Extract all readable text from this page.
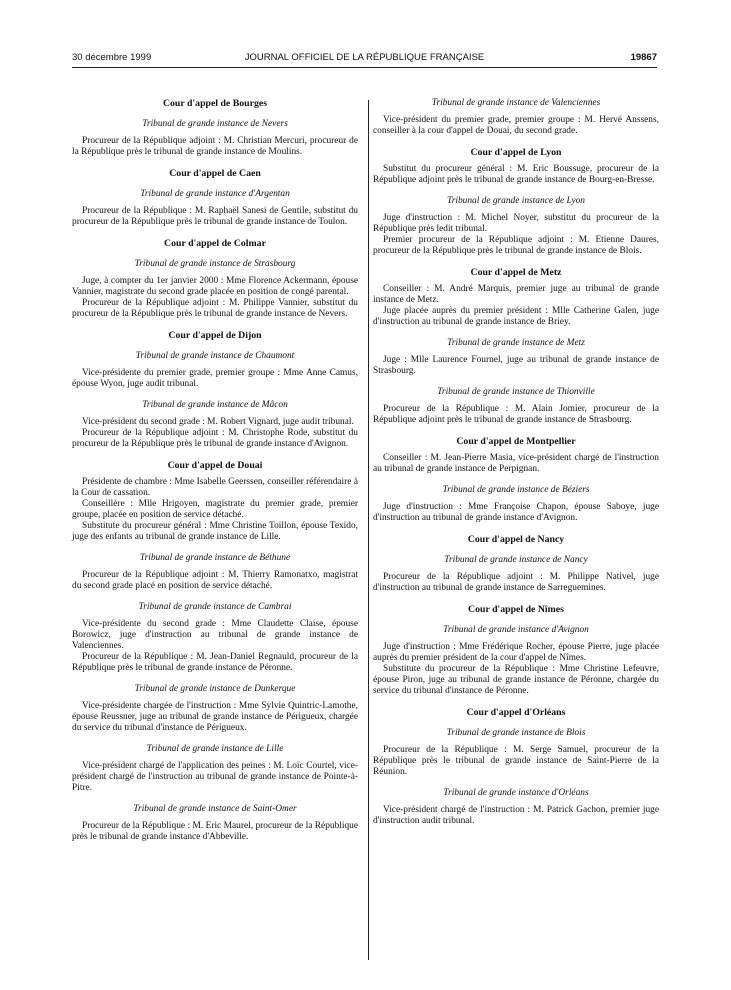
30 décembre 1999	JOURNAL OFFICIEL DE LA RÉPUBLIQUE FRANÇAISE	19867
Cour d'appel de Bourges
Tribunal de grande instance de Nevers

Procureur de la République adjoint : M. Christian Mercuri, procureur de la République près le tribunal de grande instance de Moulins.

Cour d'appel de Caen
Tribunal de grande instance d'Argentan

Procureur de la République : M. Raphaël Sanesi de Gentile, substitut du procureur de la République près le tribunal de grande instance de Toulon.

Cour d'appel de Colmar
Tribunal de grande instance de Strasbourg

Juge, à compter du 1er janvier 2000 : Mme Florence Ackermann, épouse Vannier, magistrate du second grade placée en position de congé parental.

Procureur de la République adjoint : M. Philippe Vannier, substitut du procureur de la République près le tribunal de grande instance de Nevers.

Cour d'appel de Dijon
Tribunal de grande instance de Chaumont

Vice-présidente du premier grade, premier groupe : Mme Anne Camus, épouse Wyon, juge audit tribunal.

Tribunal de grande instance de Mâcon

Vice-président du second grade : M. Robert Vignard, juge audit tribunal.

Procureur de la République adjoint : M. Christophe Rode, substitut du procureur de la République près le tribunal de grande instance d'Avignon.

Cour d'appel de Douai

Présidente de chambre : Mme Isabelle Geerssen, conseiller référendaire à la Cour de cassation.

Conseillère : Mlle Hrigoyen, magistrate du premier grade, premier groupe, placée en position de service détaché.

Substitute du procureur général : Mme Christine Toillon, épouse Texido, juge des enfants au tribunal de grande instance de Lille.

Tribunal de grande instance de Béthune

Procureur de la République adjoint : M. Thierry Ramonatxo, magistrat du second grade placé en position de service détaché.

Tribunal de grande instance de Cambrai

Vice-présidente du second grade : Mme Claudette Claise, épouse Borowicz, juge d'instruction au tribunal de grande instance de Valenciennes.

Procureur de la République : M. Jean-Daniel Regnauld, procureur de la République près le tribunal de grande instance de Péronne.

Tribunal de grande instance de Dunkerque

Vice-présidente chargée de l'instruction : Mme Sylvie Quintric-Lamothe, épouse Reussner, juge au tribunal de grande instance de Périgueux, chargée du service du tribunal d'instance de Périgueux.

Tribunal de grande instance de Lille

Vice-président chargé de l'application des peines : M. Loïc Courtel, vice-président chargé de l'instruction au tribunal de grande instance de Pointe-à-Pitre.

Tribunal de grande instance de Saint-Omer

Procureur de la République : M. Eric Maurel, procureur de la République près le tribunal de grande instance d'Abbeville.

Tribunal de grande instance de Valenciennes

Vice-président du premier grade, premier groupe : M. Hervé Anssens, conseiller à la cour d'appel de Douai, du second grade.

Cour d'appel de Lyon

Substitut du procureur général : M. Eric Boussuge, procureur de la République adjoint près le tribunal de grande instance de Bourg-en-Bresse.

Tribunal de grande instance de Lyon

Juge d'instruction : M. Michel Noyer, substitut du procureur de la République près ledit tribunal.

Premier procureur de la République adjoint : M. Etienne Daures, procureur de la République près le tribunal de grande instance de Blois.

Cour d'appel de Metz

Conseiller : M. André Marquis, premier juge au tribunal de grande instance de Metz.

Juge placée auprès du premier président : Mlle Catherine Galen, juge d'instruction au tribunal de grande instance de Briey.

Tribunal de grande instance de Metz

Juge : Mlle Laurence Fournel, juge au tribunal de grande instance de Strasbourg.

Tribunal de grande instance de Thionville

Procureur de la République : M. Alain Jomier, procureur de la République adjoint près le tribunal de grande instance de Strasbourg.

Cour d'appel de Montpellier

Conseiller : M. Jean-Pierre Masia, vice-président chargé de l'instruction au tribunal de grande instance de Perpignan.

Tribunal de grande instance de Béziers

Juge d'instruction : Mme Françoise Chapon, épouse Saboye, juge d'instruction au tribunal de grande instance d'Avignon.

Cour d'appel de Nancy
Tribunal de grande instance de Nancy

Procureur de la République adjoint : M. Philippe Nativel, juge d'instruction au tribunal de grande instance de Sarreguemines.

Cour d'appel de Nîmes
Tribunal de grande instance d'Avignon

Juge d'instruction : Mme Frédérique Rocher, épouse Pierre, juge placée auprès du premier président de la cour d'appel de Nîmes.

Substitute du procureur de la République : Mme Christine Lefeuvre, épouse Piron, juge au tribunal de grande instance de Péronne, chargée du service du tribunal d'instance de Péronne.

Cour d'appel d'Orléans
Tribunal de grande instance de Blois

Procureur de la République : M. Serge Samuel, procureur de la République près le tribunal de grande instance de Saint-Pierre de la Réunion.

Tribunal de grande instance d'Orléans

Vice-président chargé de l'instruction : M. Patrick Gachon, premier juge d'instruction audit tribunal.
